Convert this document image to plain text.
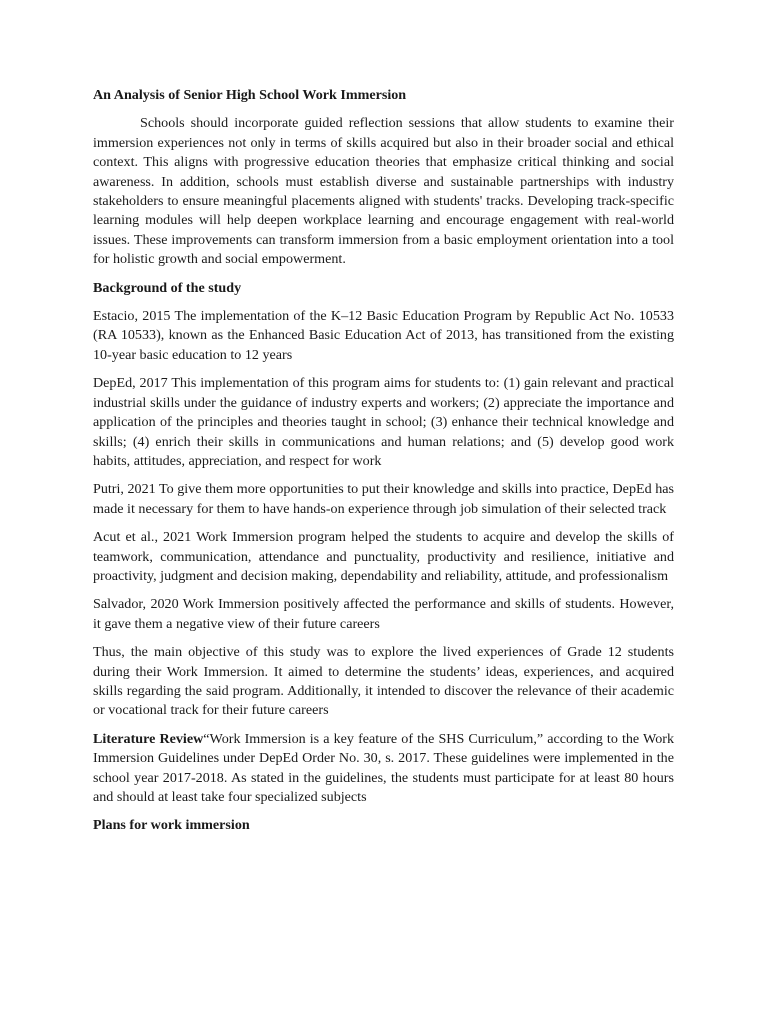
An Analysis of Senior High School Work Immersion

Schools should incorporate guided reflection sessions that allow students to examine their immersion experiences not only in terms of skills acquired but also in their broader social and ethical context. This aligns with progressive education theories that emphasize critical thinking and social awareness. In addition, schools must establish diverse and sustainable partnerships with industry stakeholders to ensure meaningful placements aligned with students' tracks. Developing track-specific learning modules will help deepen workplace learning and encourage engagement with real-world issues. These improvements can transform immersion from a basic employment orientation into a tool for holistic growth and social empowerment.

Background of the study

Estacio, 2015 The implementation of the K–12 Basic Education Program by Republic Act No. 10533 (RA 10533), known as the Enhanced Basic Education Act of 2013, has transitioned from the existing 10-year basic education to 12 years

DepEd, 2017 This implementation of this program aims for students to: (1) gain relevant and practical industrial skills under the guidance of industry experts and workers; (2) appreciate the importance and application of the principles and theories taught in school; (3) enhance their technical knowledge and skills; (4) enrich their skills in communications and human relations; and (5) develop good work habits, attitudes, appreciation, and respect for work

Putri, 2021 To give them more opportunities to put their knowledge and skills into practice, DepEd has made it necessary for them to have hands-on experience through job simulation of their selected track

Acut et al., 2021 Work Immersion program helped the students to acquire and develop the skills of teamwork, communication, attendance and punctuality, productivity and resilience, initiative and proactivity, judgment and decision making, dependability and reliability, attitude, and professionalism

Salvador, 2020 Work Immersion positively affected the performance and skills of students. However, it gave them a negative view of their future careers

Thus, the main objective of this study was to explore the lived experiences of Grade 12 students during their Work Immersion. It aimed to determine the students’ ideas, experiences, and acquired skills regarding the said program. Additionally, it intended to discover the relevance of their academic or vocational track for their future careers

Literature Review“Work Immersion is a key feature of the SHS Curriculum,” according to the Work Immersion Guidelines under DepEd Order No. 30, s. 2017. These guidelines were implemented in the school year 2017-2018. As stated in the guidelines, the students must participate for at least 80 hours and should at least take four specialized subjects

Plans for work immersion
